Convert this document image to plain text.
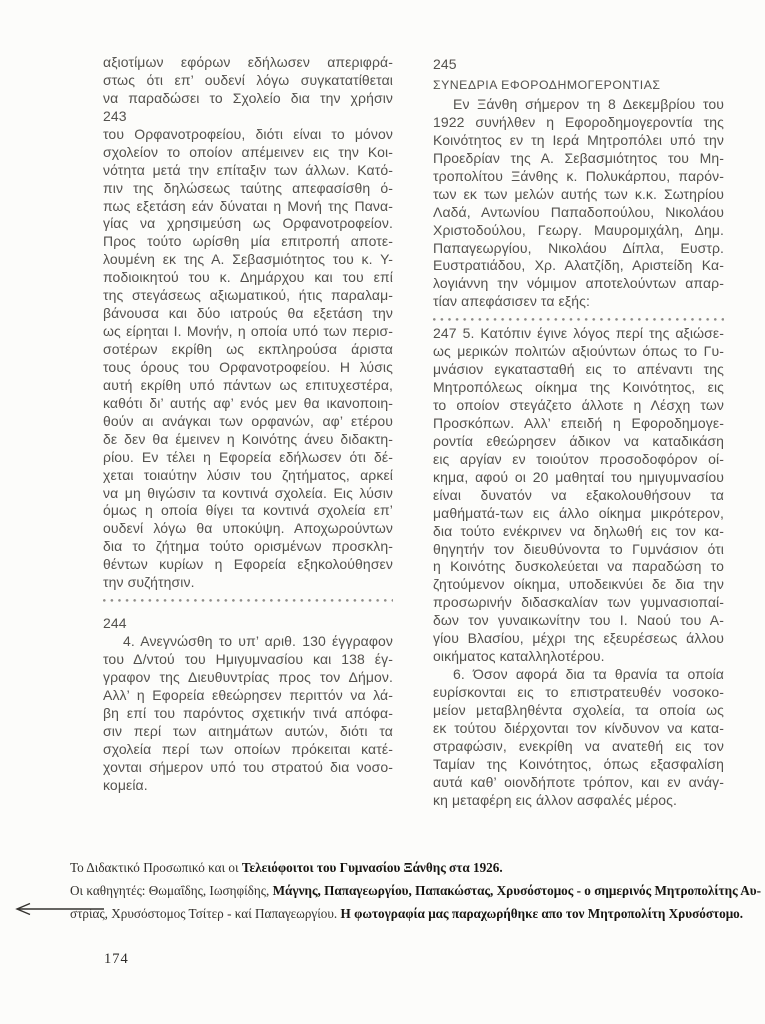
αξιοτίμων εφόρων εδήλωσεν απεριφρά-
στως ότι επ’ ουδενί λόγω συγκατατίθεται
να παραδώσει το Σχολείο δια την χρήσιν
243
του Ορφανοτροφείου, διότι είναι το μόνον
σχολείον το οποίον απέμεινεν εις την Κοι-
νότητα μετά την επίταξιν των άλλων. Κατό-
πιν της δηλώσεως ταύτης απεφασίσθη ό-
πως εξετάση εάν δύναται η Μονή της Πανα-
γίας να χρησιμεύση ως Ορφανοτροφείον.
Προς τούτο ωρίσθη μία επιτροπή αποτε-
λουμένη εκ της Α. Σεβασμιότητος του κ. Υ-
ποδιοικητού του κ. Δημάρχου και του επί
της στεγάσεως αξιωματικού, ήτις παραλαμ-
βάνουσα και δύο ιατρούς θα εξετάση την
ως είρηται Ι. Μονήν, η οποία υπό των περισ-
σοτέρων εκρίθη ως εκπληρούσα άριστα
τους όρους του Ορφανοτροφείου. Η λύσις
αυτή εκρίθη υπό πάντων ως επιτυχεστέρα,
καθότι δι’ αυτής αφ’ ενός μεν θα ικανοποιη-
θούν αι ανάγκαι των ορφανών, αφ’ ετέρου
δε δεν θα έμεινεν η Κοινότης άνευ διδακτη-
ρίου. Εν τέλει η Εφορεία εδήλωσεν ότι δέ-
χεται τοιαύτην λύσιν του ζητήματος, αρκεί
να μη θιγώσιν τα κοντινά σχολεία. Εις λύσιν
όμως η οποία θίγει τα κοντινά σχολεία επ’
ουδενί λόγω θα υποκύψη. Αποχωρούντων
δια το ζήτημα τούτο ορισμένων προσκλη-
θέντων κυρίων η Εφορεία εξηκολούθησεν
την συζήτησιν.
244
4. Ανεγνώσθη το υπ’ αριθ. 130 έγγραφον
του Δ/ντού του Ημιγυμνασίου και 138 έγ-
γραφον της Διευθυντρίας προς τον Δήμον.
Αλλ’ η Εφορεία εθεώρησεν περιττόν να λά-
βη επί του παρόντος σχετικήν τινά απόφα-
σιν περί των αιτημάτων αυτών, διότι τα
σχολεία περί των οποίων πρόκειται κατέ-
χονται σήμερον υπό του στρατού δια νοσο-
κομεία.
245
ΣΥΝΕΔΡΙΑ ΕΦΟΡΟΔΗΜΟΓΕΡΟΝΤΙΑΣ
Εν Ξάνθη σήμερον τη 8 Δεκεμβρίου του
1922 συνήλθεν η Εφοροδημογεροντία της
Κοινότητος εν τη Ιερά Μητροπόλει υπό την
Προεδρίαν της Α. Σεβασμιότητος του Μη-
τροπολίτου Ξάνθης κ. Πολυκάρπου, παρόν-
των εκ των μελών αυτής των κ.κ. Σωτηρίου
Λαδά, Αντωνίου Παπαδοπούλου, Νικολάου
Χριστοδούλου, Γεωργ. Μαυρομιχάλη, Δημ.
Παπαγεωργίου, Νικολάου Δίπλα, Ευστρ.
Ευστρατιάδου, Χρ. Αλατζίδη, Αριστείδη Κα-
λογιάννη την νόμιμον αποτελούντων απαρ-
τίαν απεφάσισεν τα εξής:
247 5. Κατόπιν έγινε λόγος περί της αξιώσε-
ως μερικών πολιτών αξιούντων όπως το Γυ-
μνάσιον εγκατασταθή εις το απέναντι της
Μητροπόλεως οίκημα της Κοινότητος, εις
το οποίον στεγάζετο άλλοτε η Λέσχη των
Προσκόπων. Αλλ’ επειδή η Εφοροδημογε-
ροντία εθεώρησεν άδικον να καταδικάση
εις αργίαν εν τοιούτον προσοδοφόρον οί-
κημα, αφού οι 20 μαθηταί του ημιγυμνασίου
είναι δυνατόν να εξακολουθήσουν τα
μαθήματά-των εις άλλο οίκημα μικρότερον,
δια τούτο ενέκρινεν να δηλωθή εις τον κα-
θηγητήν τον διευθύνοντα το Γυμνάσιον ότι
η Κοινότης δυσκολεύεται να παραδώση το
ζητούμενον οίκημα, υποδεικνύει δε δια την
προσωρινήν διδασκαλίαν των γυμνασιοπαί-
δων τον γυναικωνίτην του Ι. Ναού του Α-
γίου Βλασίου, μέχρι της εξευρέσεως άλλου
οικήματος καταλληλοτέρου.
6. Όσον αφορά δια τα θρανία τα οποία
ευρίσκονται εις το επιστρατευθέν νοσοκο-
μείον μεταβληθέντα σχολεία, τα οποία ως
εκ τούτου διέρχονται τον κίνδυνον να κατα-
στραφώσιν, ενεκρίθη να ανατεθή εις τον
Ταμίαν της Κοινότητος, όπως εξασφαλίση
αυτά καθ’ οιονδήποτε τρόπον, και εν ανάγ-
κη μεταφέρη εις άλλον ασφαλές μέρος.
Το Διδακτικό Προσωπικό και οι Τελειόφοιτοι του Γυμνασίου Ξάνθης στα 1926.
Οι καθηγητές: Θωμαΐδης, Ιωσηφίδης, Μάγνης, Παπαγεωργίου, Παπακώστας, Χρυσόστομος - ο σημερινός Μητροπολίτης Αυ-
στρίας, Χρυσόστομος Τσίτερ - καί Παπαγεωργίου. Η φωτογραφία μας παραχωρήθηκε απο τον Μητροπολίτη Χρυσόστομο.
174
